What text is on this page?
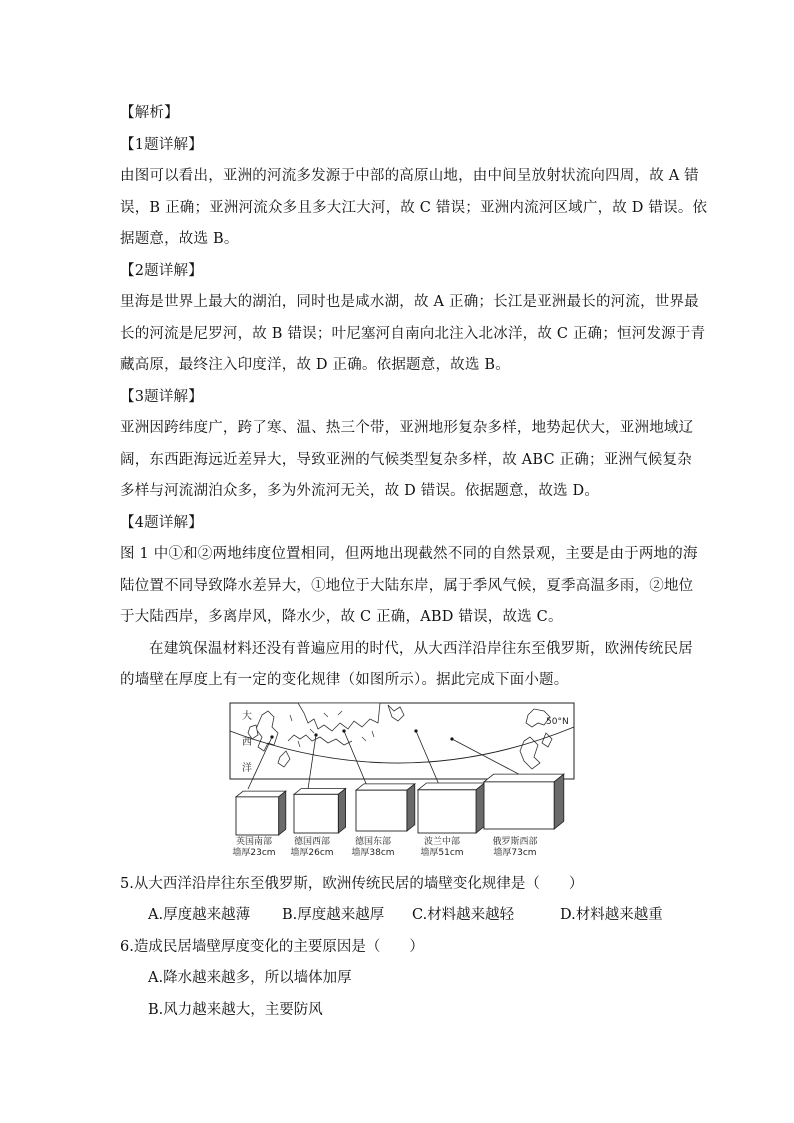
【解析】

【1题详解】

由图可以看出，亚洲的河流多发源于中部的高原山地，由中间呈放射状流向四周，故 A 错

误，B 正确；亚洲河流众多且多大江大河，故 C 错误；亚洲内流河区域广，故 D 错误。依

据题意，故选 B。

【2题详解】

里海是世界上最大的湖泊，同时也是咸水湖，故 A 正确；长江是亚洲最长的河流，世界最

长的河流是尼罗河，故 B 错误；叶尼塞河自南向北注入北冰洋，故 C 正确；恒河发源于青

藏高原，最终注入印度洋，故 D 正确。依据题意，故选 B。

【3题详解】

亚洲因跨纬度广，跨了寒、温、热三个带，亚洲地形复杂多样，地势起伏大，亚洲地域辽

阔，东西距海远近差异大，导致亚洲的气候类型复杂多样，故 ABC 正确；亚洲气候复杂

多样与河流湖泊众多，多为外流河无关，故 D 错误。依据题意，故选 D。

【4题详解】

图 1 中①和②两地纬度位置相同，但两地出现截然不同的自然景观，主要是由于两地的海

陆位置不同导致降水差异大，①地位于大陆东岸，属于季风气候，夏季高温多雨，②地位

于大陆西岸，多离岸风，降水少，故 C 正确，ABD 错误，故选 C。

在建筑保温材料还没有普遍应用的时代，从大西洋沿岸往东至俄罗斯，欧洲传统民居

的墙壁在厚度上有一定的变化规律（如图所示）。据此完成下面小题。

大
西
洋
50°N
英国南部
墙厚23cm
德国西部
墙厚26cm
德国东部
墙厚38cm
波兰中部
墙厚51cm
俄罗斯西部
墙厚73cm

5.从大西洋沿岸往东至俄罗斯，欧洲传统民居的墙壁变化规律是（　　）

A.厚度越来越薄	B.厚度越来越厚	C.材料越来越轻	D.材料越来越重

6.造成民居墙壁厚度变化的主要原因是（　　）

A.降水越来越多，所以墙体加厚

B.风力越来越大，主要防风
